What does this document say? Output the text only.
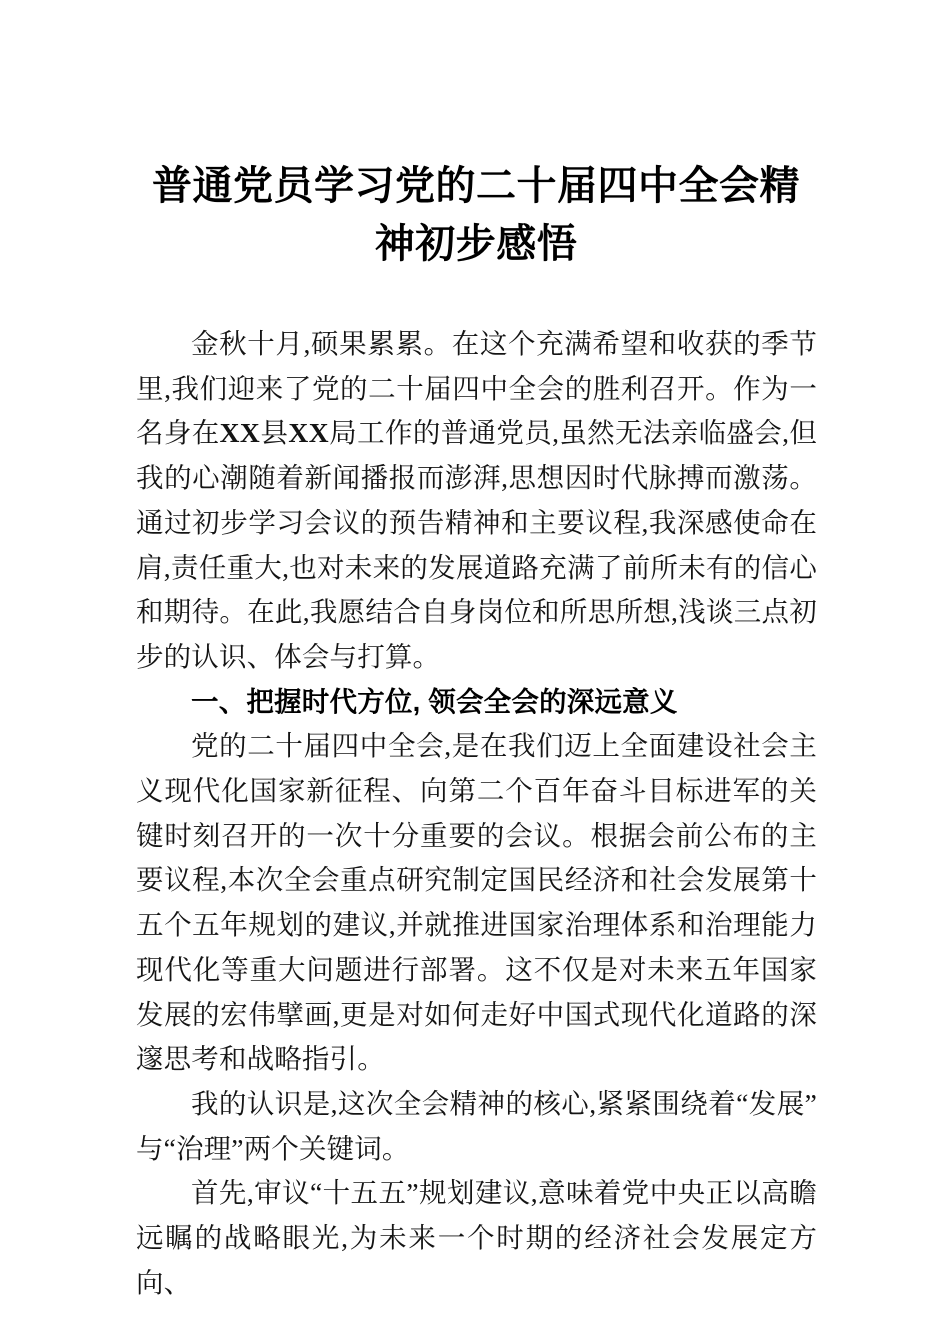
普通党员学习党的二十届四中全会精神初步感悟

金秋十月,硕果累累。在这个充满希望和收获的季节里,我们迎来了党的二十届四中全会的胜利召开。作为一名身在XX县XX局工作的普通党员,虽然无法亲临盛会,但我的心潮随着新闻播报而澎湃,思想因时代脉搏而激荡。通过初步学习会议的预告精神和主要议程,我深感使命在肩,责任重大,也对未来的发展道路充满了前所未有的信心和期待。在此,我愿结合自身岗位和所思所想,浅谈三点初步的认识、体会与打算。

一、把握时代方位, 领会全会的深远意义

党的二十届四中全会,是在我们迈上全面建设社会主义现代化国家新征程、向第二个百年奋斗目标进军的关键时刻召开的一次十分重要的会议。根据会前公布的主要议程,本次全会重点研究制定国民经济和社会发展第十五个五年规划的建议,并就推进国家治理体系和治理能力现代化等重大问题进行部署。这不仅是对未来五年国家发展的宏伟擘画,更是对如何走好中国式现代化道路的深邃思考和战略指引。

我的认识是,这次全会精神的核心,紧紧围绕着“发展”与“治理”两个关键词。

首先,审议“十五五”规划建议,意味着党中央正以高瞻远瞩的战略眼光,为未来一个时期的经济社会发展定方向、
